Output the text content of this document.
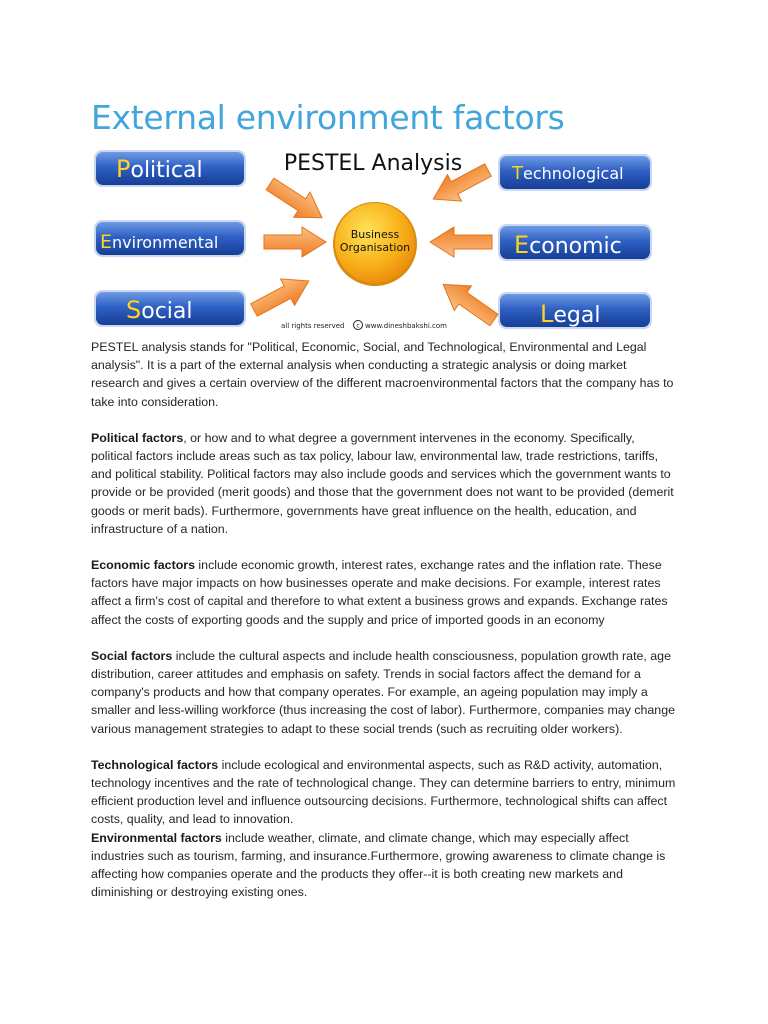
External environment factors
Political
Environmental
Social
Technological
Economic
Legal
PESTEL Analysis
Business
Organisation
all rights reserved c www.dineshbakshi.com

PESTEL analysis stands for "Political, Economic, Social, and Technological, Environmental and Legal analysis". It is a part of the external analysis when conducting a strategic analysis or doing market research and gives a certain overview of the different macroenvironmental factors that the company has to take into consideration.

Political factors, or how and to what degree a government intervenes in the economy. Specifically, political factors include areas such as tax policy, labour law, environmental law, trade restrictions, tariffs, and political stability. Political factors may also include goods and services which the government wants to provide or be provided (merit goods) and those that the government does not want to be provided (demerit goods or merit bads). Furthermore, governments have great influence on the health, education, and infrastructure of a nation.

Economic factors include economic growth, interest rates, exchange rates and the inflation rate. These factors have major impacts on how businesses operate and make decisions. For example, interest rates affect a firm's cost of capital and therefore to what extent a business grows and expands. Exchange rates affect the costs of exporting goods and the supply and price of imported goods in an economy

Social factors include the cultural aspects and include health consciousness, population growth rate, age distribution, career attitudes and emphasis on safety. Trends in social factors affect the demand for a company's products and how that company operates. For example, an ageing population may imply a smaller and less-willing workforce (thus increasing the cost of labor). Furthermore, companies may change various management strategies to adapt to these social trends (such as recruiting older workers).

Technological factors include ecological and environmental aspects, such as R&D activity, automation, technology incentives and the rate of technological change. They can determine barriers to entry, minimum efficient production level and influence outsourcing decisions. Furthermore, technological shifts can affect costs, quality, and lead to innovation.

Environmental factors include weather, climate, and climate change, which may especially affect industries such as tourism, farming, and insurance.Furthermore, growing awareness to climate change is affecting how companies operate and the products they offer--it is both creating new markets and diminishing or destroying existing ones.
